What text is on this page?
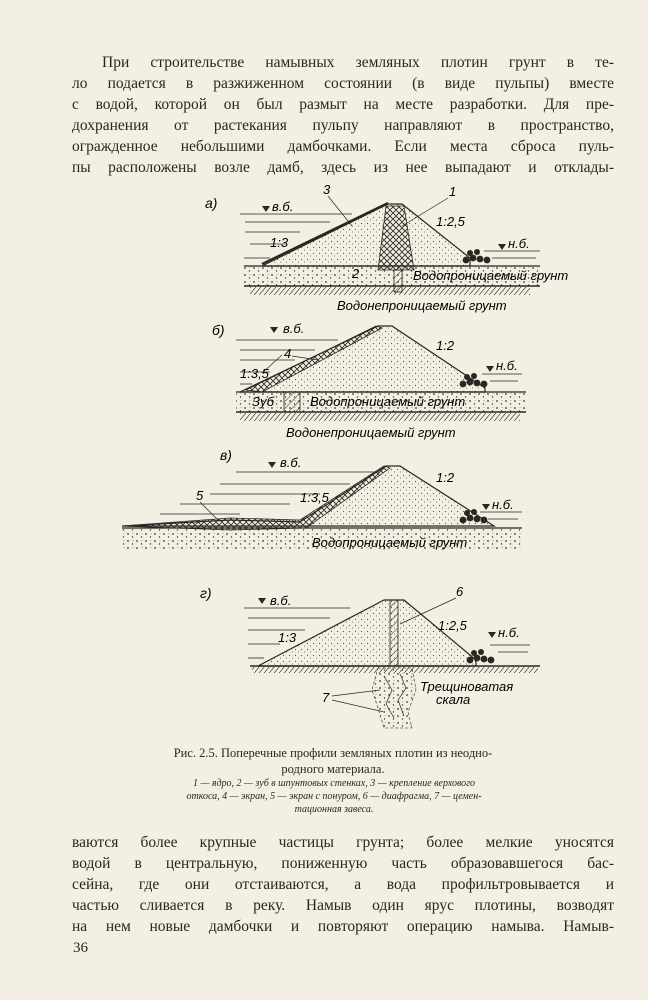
При строительстве намывных земляных плотин грунт в те-
ло подается в разжиженном состоянии (в виде пульпы) вместе
с водой, которой он был размыт на месте разработки. Для пре-
дохранения от растекания пульпу направляют в пространство,
огражденное небольшими дамбочками. Если места сброса пуль-
пы расположены возле дамб, здесь из нее выпадают и отклады-

а)	в.б.
н.б.
1:3
1:2,5
3	1
2	Водопроницаемый грунт
Водонепроницаемый грунт
б)	в.б.
н.б.
1:3,5
1:2
4
Зуб	Водопроницаемый грунт
Водонепроницаемый грунт
в)	в.б.
н.б.
1:3,5
1:2
5
Водопроницаемый грунт
г)	в.б.
н.б.
1:3
1:2,5
6
7
Трещиноватая
скала

Рис. 2.5. Поперечные профили земляных плотин из неодно-
родного материала.

1 — ядро, 2 — зуб в шпунтовых стенках, 3 — крепление верхового
откоса, 4 — экран, 5 — экран с понуром, 6 — диафрагма, 7 — цемен-
тационная завеса.

ваются более крупные частицы грунта; более мелкие уносятся
водой в центральную, пониженную часть образовавшегося бас-
сейна, где они отстаиваются, а вода профильтровывается и
частью сливается в реку. Намыв один ярус плотины, возводят
на нем новые дамбочки и повторяют операцию намыва. Намыв-

36
